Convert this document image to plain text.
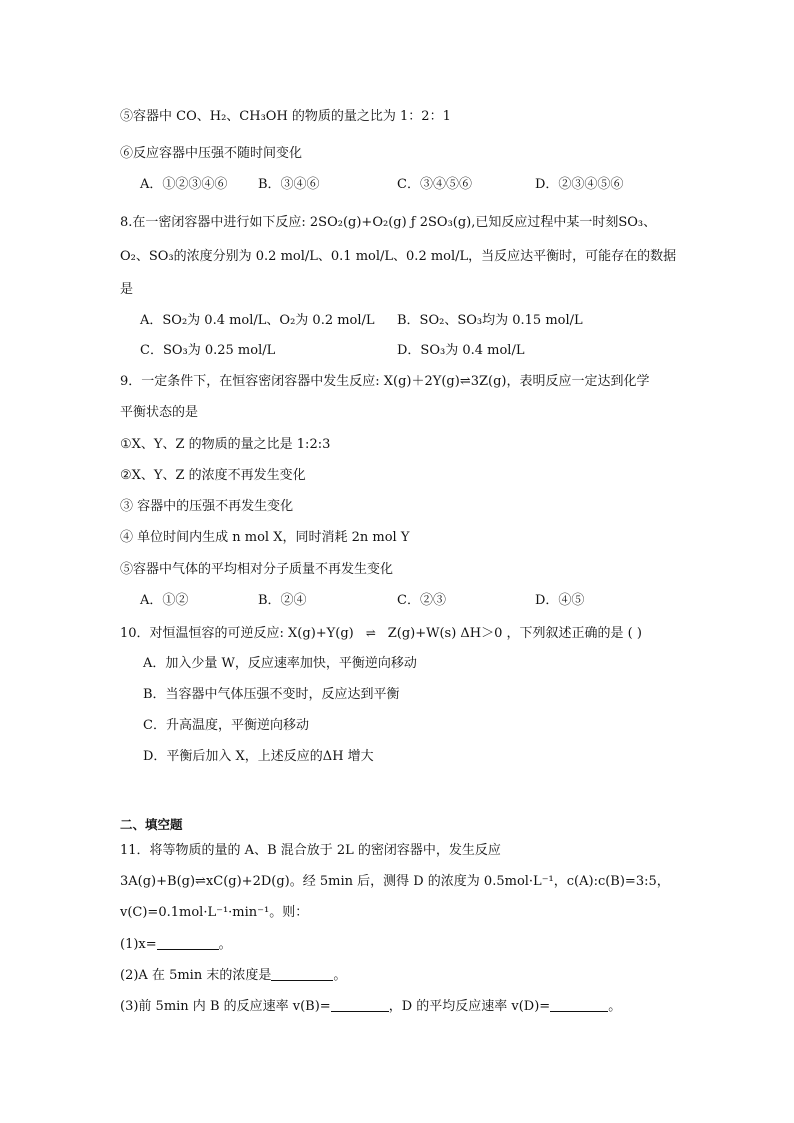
⑤容器中 CO、H₂、CH₃OH 的物质的量之比为 1：2：1
⑥反应容器中压强不随时间变化
A．①②③④⑥ B．③④⑥	C．③④⑤⑥	D．②③④⑤⑥
8.在一密闭容器中进行如下反应: 2SO₂(g)+O₂(g) ƒ 2SO₃(g),已知反应过程中某一时刻SO₃、
O₂、SO₃的浓度分别为 0.2 mol/L、0.1 mol/L、0.2 mol/L，当反应达平衡时，可能存在的数据
是
A．SO₂为 0.4 mol/L、O₂为 0.2 mol/L B．SO₂、SO₃均为 0.15 mol/L
C．SO₃为 0.25 mol/L	D．SO₃为 0.4 mol/L
9．一定条件下，在恒容密闭容器中发生反应: X(g)＋2Y(g)⇌3Z(g)，表明反应一定达到化学
平衡状态的是
①X、Y、Z 的物质的量之比是 1:2:3
②X、Y、Z 的浓度不再发生变化
③ 容器中的压强不再发生变化
④ 单位时间内生成 n mol X，同时消耗 2n mol Y
⑤容器中气体的平均相对分子质量不再发生变化
A．①②	B．②④	C．②③	D．④⑤
10．对恒温恒容的可逆反应: X(g)+Y(g) ⇌ Z(g)+W(s) ΔH＞0 ，下列叙述正确的是 ( )
A．加入少量 W，反应速率加快，平衡逆向移动
B．当容器中气体压强不变时，反应达到平衡
C．升高温度，平衡逆向移动
D．平衡后加入 X，上述反应的ΔH 增大
二、填空题
11．将等物质的量的 A、B 混合放于 2L 的密闭容器中，发生反应
3A(g)+B(g)⇌xC(g)+2D(g)。经 5min 后，测得 D 的浓度为 0.5mol·L⁻¹，c(A):c(B)=3:5，
v(C)=0.1mol·L⁻¹·min⁻¹。则：
(1)x=	。
(2)A 在 5min 末的浓度是	。
(3)前 5min 内 B 的反应速率 v(B)=	，D 的平均反应速率 v(D)=	。
